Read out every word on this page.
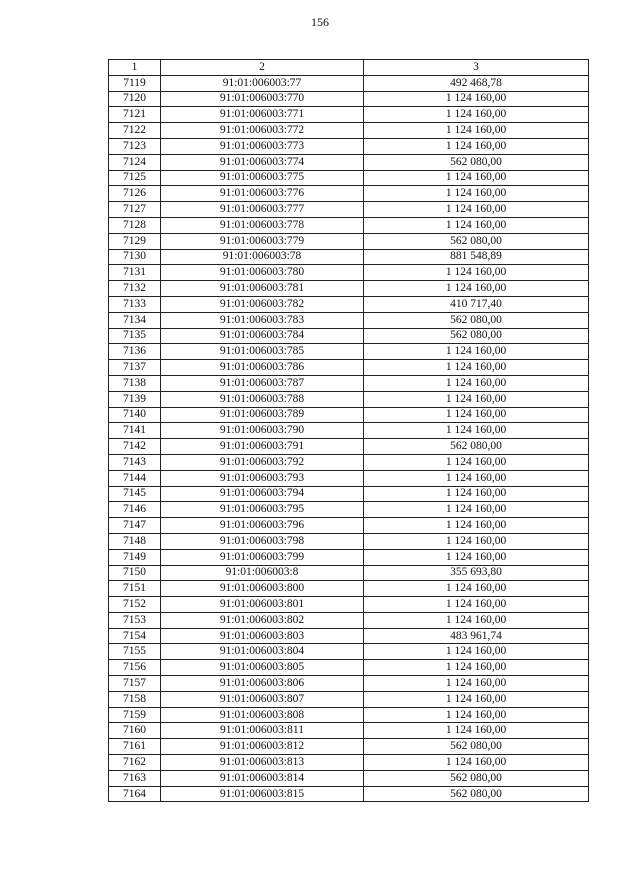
156
1	2	3
7119	91:01:006003:77	492 468,78
7120	91:01:006003:770	1 124 160,00
7121	91:01:006003:771	1 124 160,00
7122	91:01:006003:772	1 124 160,00
7123	91:01:006003:773	1 124 160,00
7124	91:01:006003:774	562 080,00
7125	91:01:006003:775	1 124 160,00
7126	91:01:006003:776	1 124 160,00
7127	91:01:006003:777	1 124 160,00
7128	91:01:006003:778	1 124 160,00
7129	91:01:006003:779	562 080,00
7130	91:01:006003:78	881 548,89
7131	91:01:006003:780	1 124 160,00
7132	91:01:006003:781	1 124 160,00
7133	91:01:006003:782	410 717,40
7134	91:01:006003:783	562 080,00
7135	91:01:006003:784	562 080,00
7136	91:01:006003:785	1 124 160,00
7137	91:01:006003:786	1 124 160,00
7138	91:01:006003:787	1 124 160,00
7139	91:01:006003:788	1 124 160,00
7140	91:01:006003:789	1 124 160,00
7141	91:01:006003:790	1 124 160,00
7142	91:01:006003:791	562 080,00
7143	91:01:006003:792	1 124 160,00
7144	91:01:006003:793	1 124 160,00
7145	91:01:006003:794	1 124 160,00
7146	91:01:006003:795	1 124 160,00
7147	91:01:006003:796	1 124 160,00
7148	91:01:006003:798	1 124 160,00
7149	91:01:006003:799	1 124 160,00
7150	91:01:006003:8	355 693,80
7151	91:01:006003:800	1 124 160,00
7152	91:01:006003:801	1 124 160,00
7153	91:01:006003:802	1 124 160,00
7154	91:01:006003:803	483 961,74
7155	91:01:006003:804	1 124 160,00
7156	91:01:006003:805	1 124 160,00
7157	91:01:006003:806	1 124 160,00
7158	91:01:006003:807	1 124 160,00
7159	91:01:006003:808	1 124 160,00
7160	91:01:006003:811	1 124 160,00
7161	91:01:006003:812	562 080,00
7162	91:01:006003:813	1 124 160,00
7163	91:01:006003:814	562 080,00
7164	91:01:006003:815	562 080,00
